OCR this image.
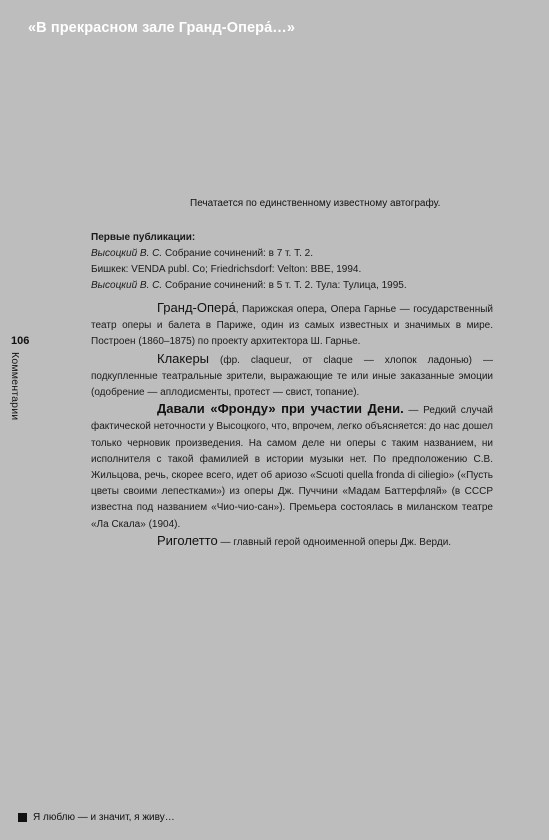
«В прекрасном зале Гранд-Опера́…»
106
Комментарии
Печатается по единственному известному автографу.
Первые публикации:
Высоцкий В. С. Собрание сочинений: в 7 т. Т. 2.
Бишкек: VENDA publ. Co; Friedrichsdorf: Velton: BBE, 1994.
Высоцкий В. С. Собрание сочинений: в 5 т. Т. 2. Тула: Тулица, 1995.

Гранд-Опера́, Парижская опера, Опера Гарнье — государственный театр оперы и балета в Париже, один из самых известных и значимых в мире. Построен (1860–1875) по проекту архитектора Ш. Гарнье.

Клакеры (фр. claqueur, от claque — хлопок ладонью) — подкупленные театральные зрители, выражающие те или иные заказанные эмоции (одобрение — аплодисменты, протест — свист, топание).

Давали «Фронду» при участии Дени. — Редкий случай фактической неточности у Высоцкого, что, впрочем, легко объясняется: до нас дошел только черновик произведения. На самом деле ни оперы с таким названием, ни исполнителя с такой фамилией в истории музыки нет. По предположению С.В. Жильцова, речь, скорее всего, идет об ариозо «Scuoti quella fronda di ciliegio» («Пусть цветы своими лепестками») из оперы Дж. Пуччини «Мадам Баттерфляй» (в СССР известна под названием «Чио-чио-сан»). Премьера состоялась в миланском театре «Ла Скала» (1904).

Риголетто — главный герой одноименной оперы Дж. Верди.

Я люблю — и значит, я живу…
